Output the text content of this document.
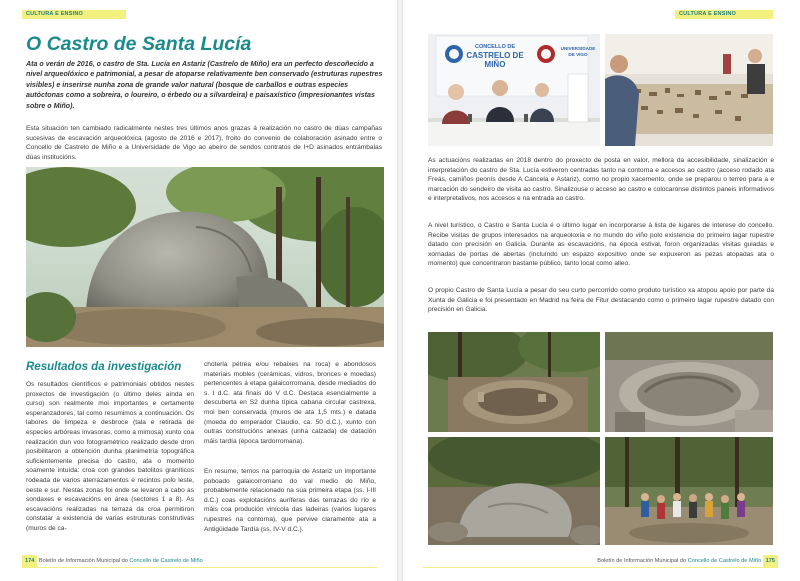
CULTURA E ENSINO
O Castro de Santa Lucía

Ata o verán de 2016, o castro de Sta. Lucía en Astariz (Castrelo de Miño) era un perfecto descoñecido a nivel arqueolóxico e patrimonial, a pesar de atoparse relativamente ben conservado (estruturas rupestres visibles) e inserirse nunha zona de grande valor natural (bosque de carballos e outras especies autóctonas como a sobreira, o loureiro, o érbedo ou a silvardeira) e paisaxístico (impresionantes vistas sobre o Miño).

Esta situación ten cambiado radicalmente nestes tres últimos anos grazas á realización no castro de dúas campañas sucesivas de escavación arqueolóxica (agosto de 2016 e 2017), froito do convenio de colaboración asinado entre o Concello de Castrelo de Miño e a Universidade de Vigo ao abeiro de sendos contratos de I+D asinados entrámbalas dúas institucións.

Resultados da investigación

Os resultados científicos e patrimoniais obtidos nestes proxectos de investigación (o último deles aínda en curso) son realmente moi importantes e certamente esperanzadores, tal como resumimos a continuación. Os labores de limpeza e desbroce (tala e retirada de especies arbóreas invasoras, como a mimosa) xunto coa realización dun voo fotogramétrico realizado desde dron posibilitaron a obtención dunha planimetría topográfica suficientemente precisa do castro, ata o momento soamente intuída: croa con grandes batolitos graníticos rodeada de varios aterrazamentos e recintos polo leste, oeste e sur. Nestas zonas foi onde se levaron a cabo as sondaxes e escavacións en área (sectores 1 a 8). As escavacións realizadas na terraza da croa permitiron constatar a existencia de varias estruturas construtivas (muros de ca-

choterla pétrea e/ou rebaixes na roca) e abondosos materiais mobles (cerámicas, vidros, bronces e moedas) pertencentes á etapa galaicorromana, desde mediados do s. I d.C. ata finais do V d.C. Destaca esencialmente a descuberta en S2 dunha típica cabana circular castrexa, moi ben conservada (muros de ata 1,5 mts.) e datada (moeda do emperador Claudio, ca. 50 d.C.), xunto con outras construcións anexas (unha calzada) de datación máis tardía (época tardorromana).

En resume, temos na parroquia de Astariz un importante poboado galaicorromano do val medio do Miño, probablemente relacionado na súa primeira etapa (ss. I-III d.C.) coas explotacións auríferas das terrazas do río e máis coa produción vinícola das ladeiras (varios lugares rupestres na contorna), que pervive claramente ata a Antigüidade Tardía (ss. IV-V d.C.).

174 Boletín de Información Municipal do Concello de Castrelo de Miño
CULTURA E ENSINO
CONCELLO DE
CASTRELO DE MIÑO
UNIVERSIDADE
DE VIGO

As actuacións realizadas en 2018 dentro do proxecto de posta en valor, mellora da accesibilidade, sinalización e interpretación do castro de Sta. Lucía estiveron centradas tanto na contorna e accesos ao castro (acceso rodado ata Freás, camiños peonís desde A Cancela e Astariz), como no propio xacemento, onde se preparou o terreo para a e marcación do sendeiro de visita ao castro. Sinalizouse o acceso ao castro e colocaronse distintos paneis informativos e interpretativos, nos accesos e na entrada ao castro.

A nivel turístico, o Castro e Santa Lucía é o último lugar en incorporarse á lista de lugares de interese do concello. Recibe visitas de grupos interesados na arqueoloxía e no mundo do viño polo existencia do primeiro lagar rupestre datado con precisión en Galicia. Durante as escavacións, na época estival, foron organizadas visitas guiadas e xornadas de portas de abertas (incluíndo un espazo expositivo onde se expuxeron as pezas atopadas ata o momento) que concentraron bastante público, tanto local como alleo.

O propio Castro de Santa Lucía a pesar do seu curto percorrido como produto turístico xa atopou apoio por parte da Xunta de Galicia e foi presentado en Madrid na feira de Fitur destacando como o primeiro lagar rupestre datado con precisión en Galicia.

Boletín de Información Municipal do Concello de Castrelo de Miño 175
